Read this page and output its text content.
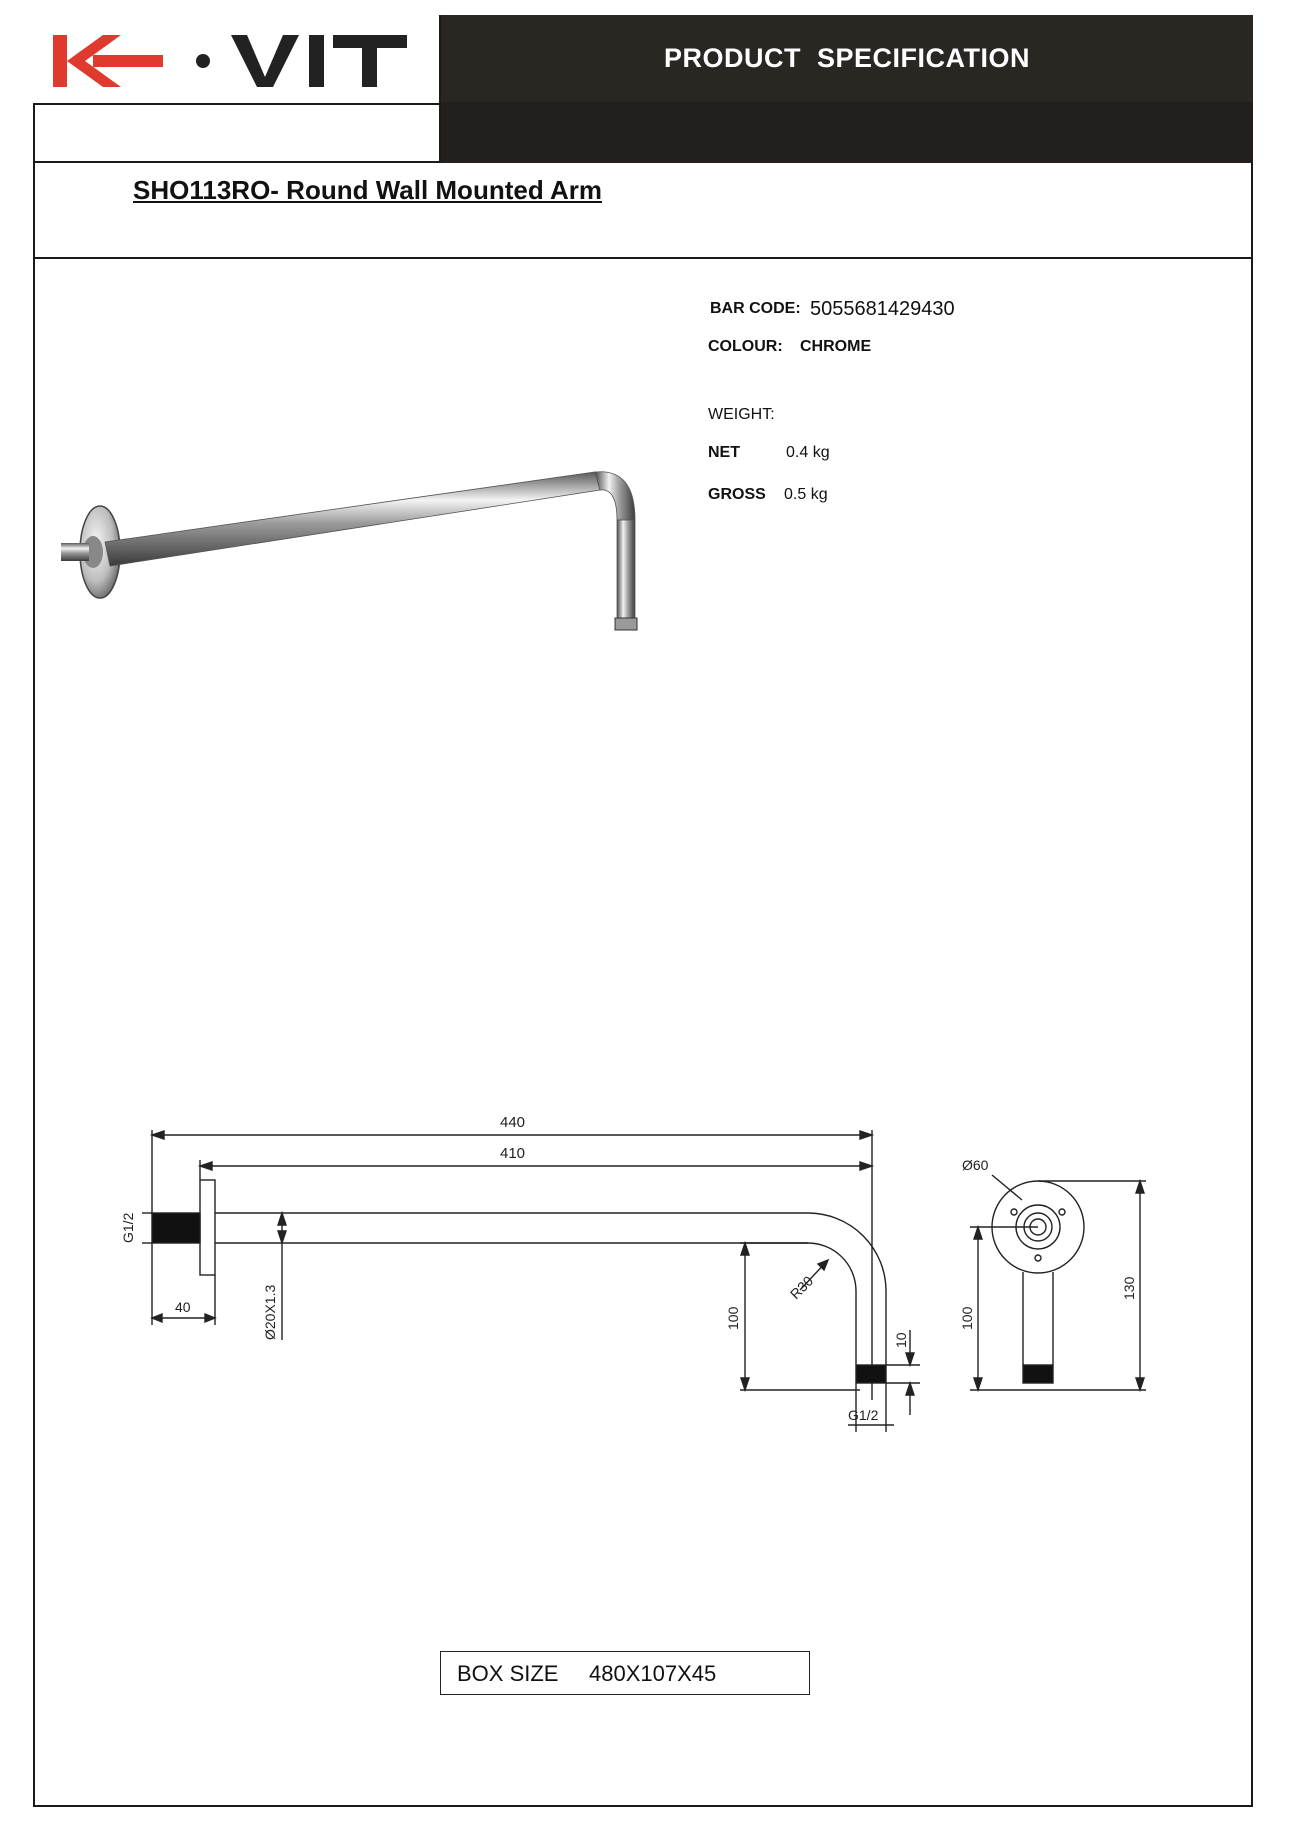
PRODUCT  SPECIFICATION
SHO113RO- Round Wall Mounted Arm
BAR CODE: 5055681429430
COLOUR: CHROME
WEIGHT:
NET	0.4 kg
GROSS 0.5 kg
440
410
G1/2
40	Ø20X1.3	100
R30
10
G1/2
Ø60
100
130
BOX SIZE 480X107X45
